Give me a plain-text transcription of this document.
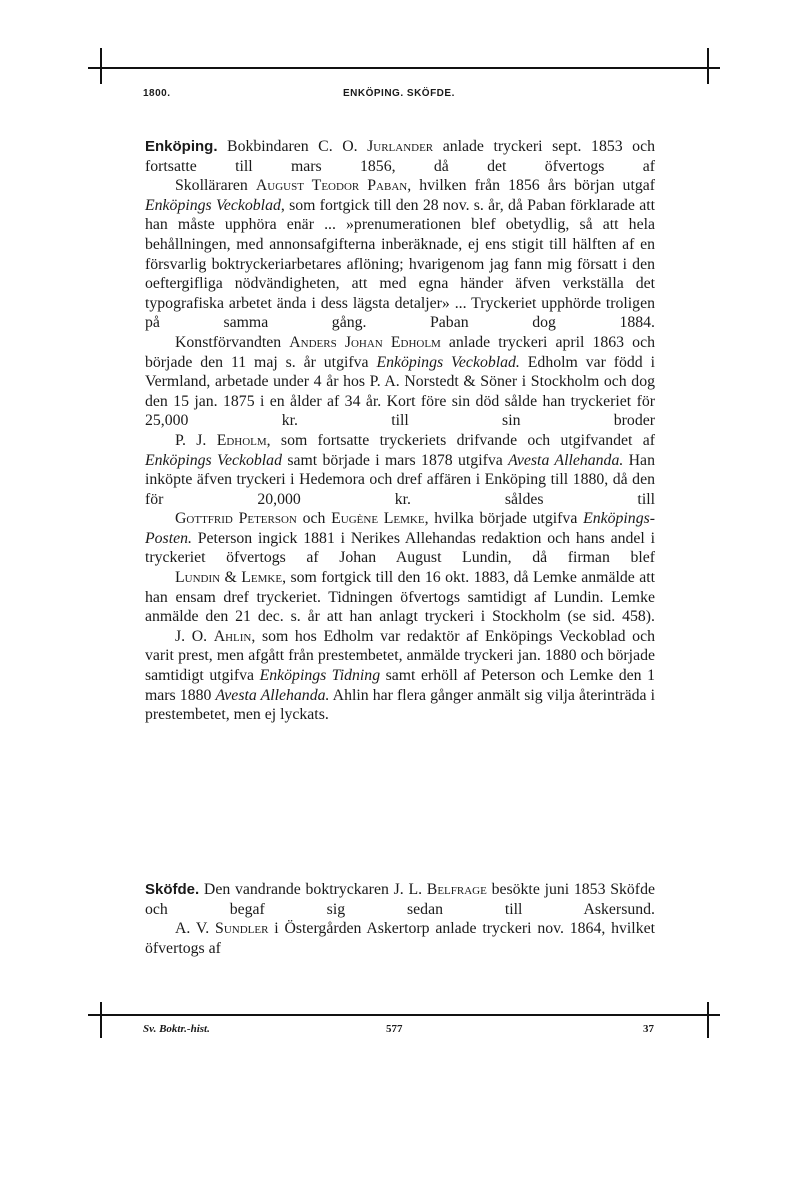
1800.	ENKÖPING. SKÖFDE.

Enköping. Bokbindaren C. O. Jurlander anlade tryckeri sept. 1853 och fortsatte till mars 1856, då det öfvertogs af

Skolläraren August Teodor Paban, hvilken från 1856 års början utgaf Enköpings Veckoblad, som fortgick till den 28 nov. s. år, då Paban förklarade att han måste upphöra enär ... »prenumerationen blef obetydlig, så att hela behållningen, med annonsafgifterna inberäknade, ej ens stigit till hälften af en försvarlig boktryckeriarbetares aflöning; hvarigenom jag fann mig försatt i den oeftergifliga nödvändigheten, att med egna händer äfven verkställa det typografiska arbetet ända i dess lägsta detaljer» ... Tryckeriet upphörde troligen på samma gång. Paban dog 1884.

Konstförvandten Anders Johan Edholm anlade tryckeri april 1863 och började den 11 maj s. år utgifva Enköpings Veckoblad. Edholm var född i Vermland, arbetade under 4 år hos P. A. Norstedt & Söner i Stockholm och dog den 15 jan. 1875 i en ålder af 34 år. Kort före sin död sålde han tryckeriet för 25,000 kr. till sin broder

P. J. Edholm, som fortsatte tryckeriets drifvande och utgifvandet af Enköpings Veckoblad samt började i mars 1878 utgifva Avesta Allehanda. Han inköpte äfven tryckeri i Hedemora och dref affären i Enköping till 1880, då den för 20,000 kr. såldes till

Gottfrid Peterson och Eugène Lemke, hvilka började utgifva Enköpings-Posten. Peterson ingick 1881 i Nerikes Allehandas redaktion och hans andel i tryckeriet öfvertogs af Johan August Lundin, då firman blef

Lundin & Lemke, som fortgick till den 16 okt. 1883, då Lemke anmälde att han ensam dref tryckeriet. Tidningen öfvertogs samtidigt af Lundin. Lemke anmälde den 21 dec. s. år att han anlagt tryckeri i Stockholm (se sid. 458).

J. O. Ahlin, som hos Edholm var redaktör af Enköpings Veckoblad och varit prest, men afgått från prestembetet, anmälde tryckeri jan. 1880 och började samtidigt utgifva Enköpings Tidning samt erhöll af Peterson och Lemke den 1 mars 1880 Avesta Allehanda. Ahlin har flera gånger anmält sig vilja återinträda i prestembetet, men ej lyckats.

Sköfde. Den vandrande boktryckaren J. L. Belfrage besökte juni 1853 Sköfde och begaf sig sedan till Askersund.

A. V. Sundler i Östergården Askertorp anlade tryckeri nov. 1864, hvilket öfvertogs af

Sv. Boktr.-hist.	577	37
